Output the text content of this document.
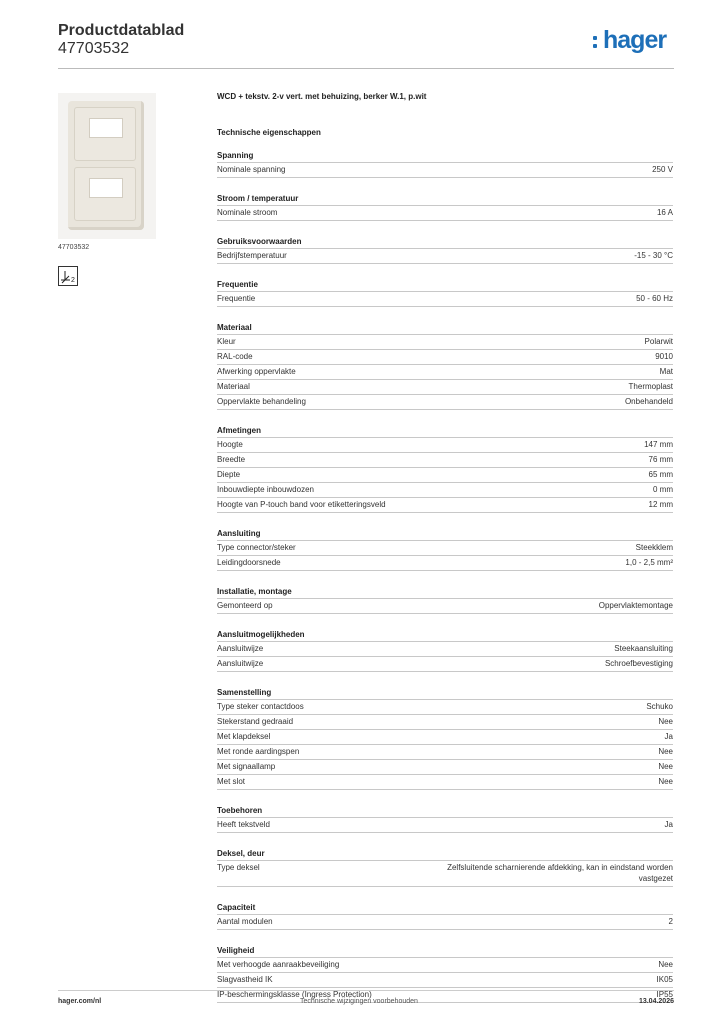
Productdatablad
47703532	hager
47703532
2
WCD + tekstv. 2-v vert. met behuizing, berker W.1, p.wit
Technische eigenschappen
Spanning
Nominale spanning	250 V
Stroom / temperatuur
Nominale stroom	16 A
Gebruiksvoorwaarden
Bedrijfstemperatuur	-15 - 30 °C
Frequentie
Frequentie	50 - 60 Hz
Materiaal
Kleur	Polarwit
RAL-code	9010
Afwerking oppervlakte	Mat
Materiaal	Thermoplast
Oppervlakte behandeling	Onbehandeld
Afmetingen
Hoogte	147 mm
Breedte	76 mm
Diepte	65 mm
Inbouwdiepte inbouwdozen	0 mm
Hoogte van P-touch band voor etiketteringsveld	12 mm
Aansluiting
Type connector/steker	Steekklem
Leidingdoorsnede	1,0 - 2,5 mm²
Installatie, montage
Gemonteerd op	Oppervlaktemontage
Aansluitmogelijkheden
Aansluitwijze	Steekaansluiting
Aansluitwijze	Schroefbevestiging
Samenstelling
Type steker contactdoos	Schuko
Stekerstand gedraaid	Nee
Met klapdeksel	Ja
Met ronde aardingspen	Nee
Met signaallamp	Nee
Met slot	Nee
Toebehoren
Heeft tekstveld	Ja
Deksel, deur
Type deksel	Zelfsluitende scharnierende afdekking, kan in eindstand worden vastgezet
Capaciteit
Aantal modulen	2
Veiligheid
Met verhoogde aanraakbeveiliging	Nee
Slagvastheid IK	IK05
IP-beschermingsklasse (Ingress Protection)	IP55
hager.com/nl	Technische wijzigingen voorbehouden	13.04.2026
